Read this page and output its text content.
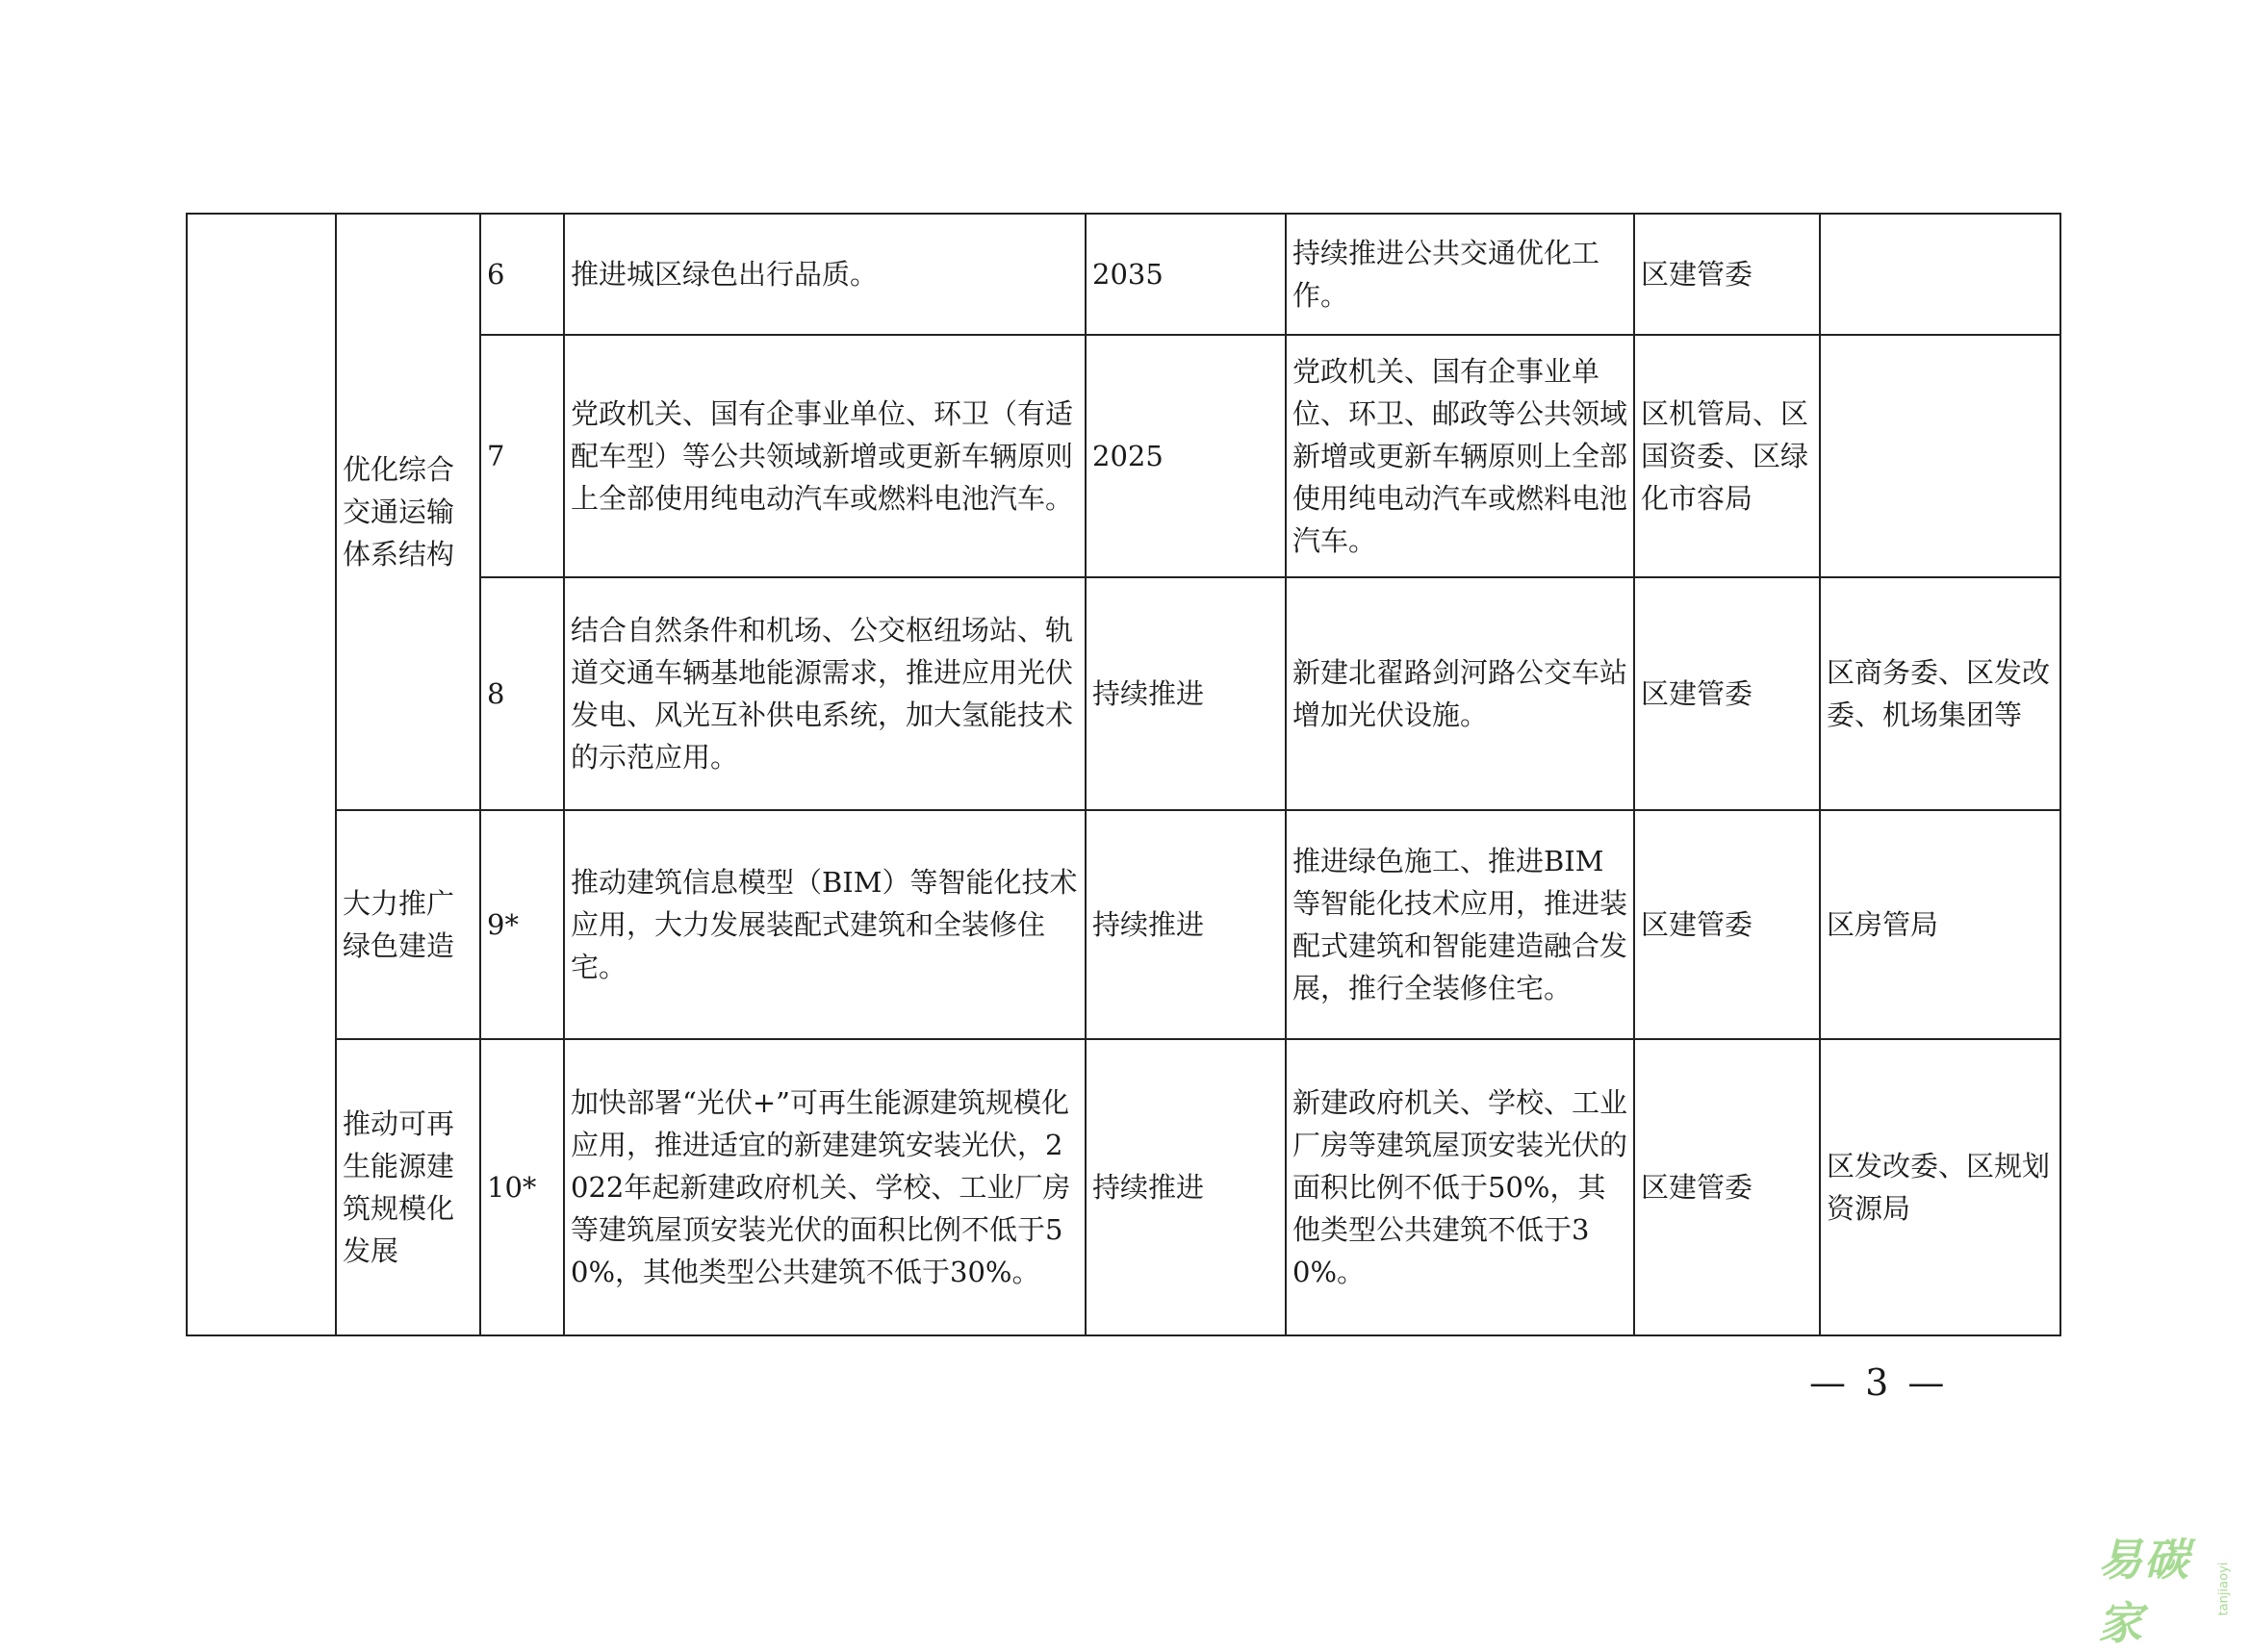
	优化综合交通运输体系结构	6	推进城区绿色出行品质。	2035	持续推进公共交通优化工作。	区建管委	
		7	党政机关、国有企事业单位、环卫（有适配车型）等公共领域新增或更新车辆原则上全部使用纯电动汽车或燃料电池汽车。	2025	党政机关、国有企事业单位、环卫、邮政等公共领域新增或更新车辆原则上全部使用纯电动汽车或燃料电池汽车。	区机管局、区国资委、区绿化市容局	
		8	结合自然条件和机场、公交枢纽场站、轨道交通车辆基地能源需求，推进应用光伏发电、风光互补供电系统，加大氢能技术的示范应用。	持续推进	新建北翟路剑河路公交车站增加光伏设施。	区建管委	区商务委、区发改委、机场集团等
	大力推广绿色建造	9*	推动建筑信息模型（BIM）等智能化技术应用，大力发展装配式建筑和全装修住宅。	持续推进	推进绿色施工、推进BIM等智能化技术应用，推进装配式建筑和智能建造融合发展，推行全装修住宅。	区建管委	区房管局
	推动可再生能源建筑规模化发展	10*	加快部署“光伏+”可再生能源建筑规模化应用，推进适宜的新建建筑安装光伏，2022年起新建政府机关、学校、工业厂房等建筑屋顶安装光伏的面积比例不低于50%，其他类型公共建筑不低于30%。	持续推进	新建政府机关、学校、工业厂房等建筑屋顶安装光伏的面积比例不低于50%，其他类型公共建筑不低于30%。	区建管委	区发改委、区规划资源局
— 3 —
易碳家
tanjiaoyi
